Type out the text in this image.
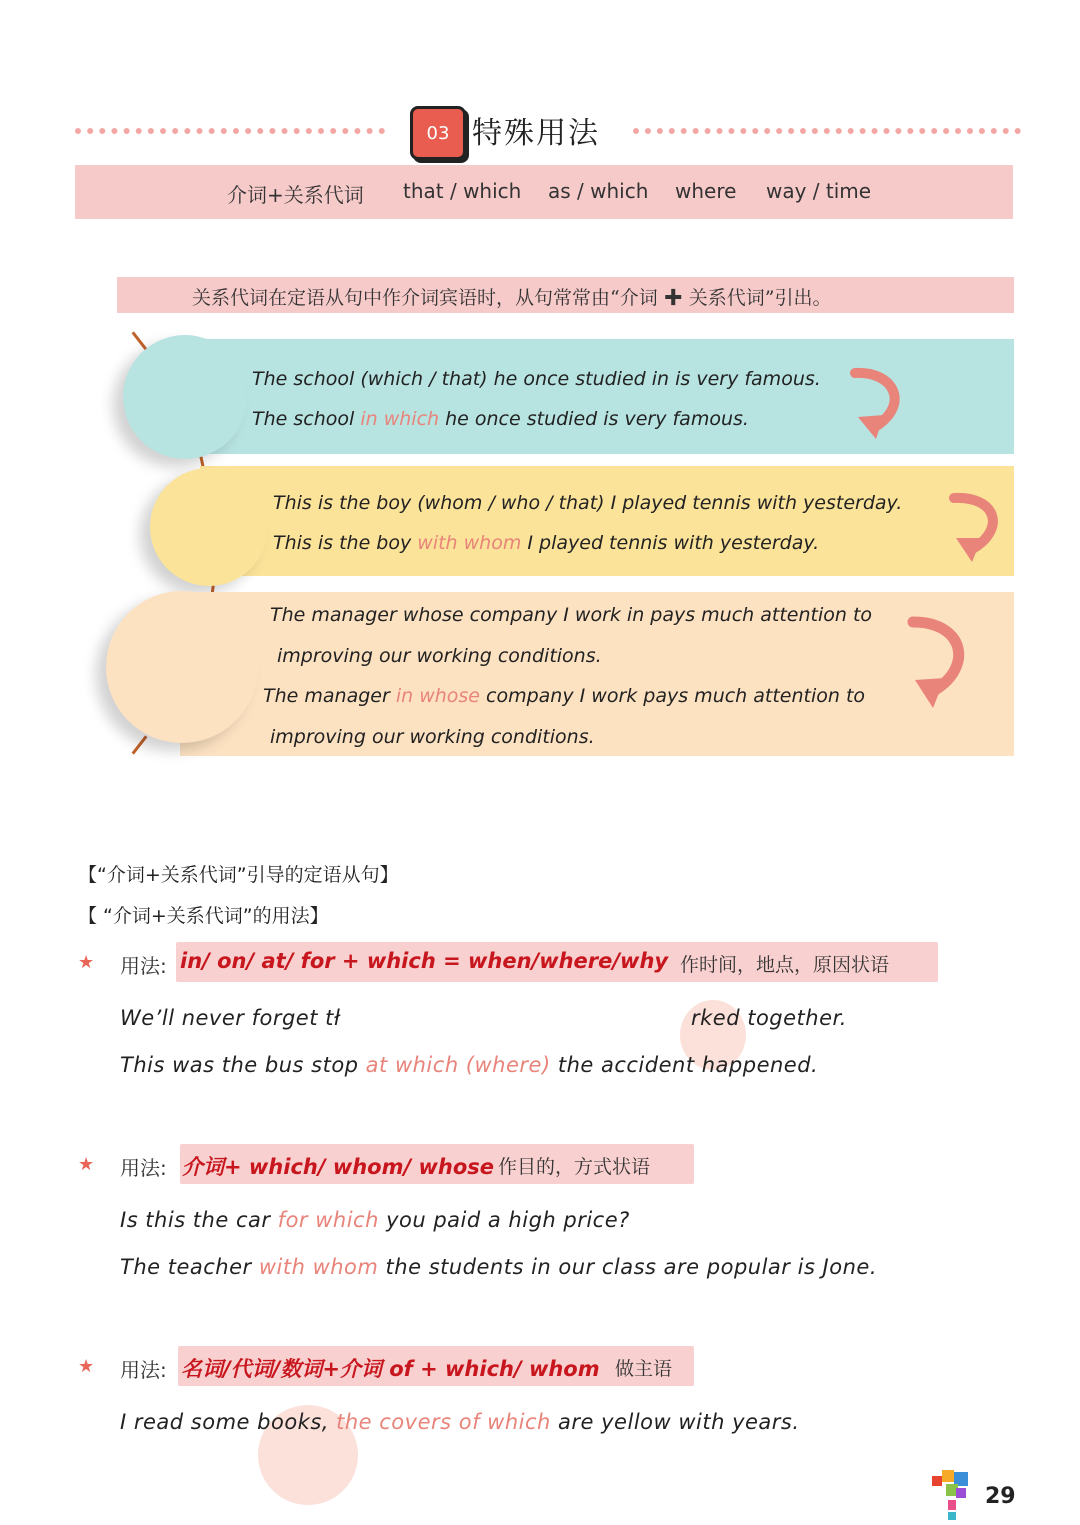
03 特殊用法
介词+关系代词 that / which as / which where way / time
关系代词在定语从句中作介词宾语时，从句常常由“介词 ✚ 关系代词”引出。
The school (which / that) he once studied in is very famous.
The school in which he once studied is very famous.
This is the boy (whom / who / that) I played tennis with yesterday.
This is the boy with whom I played tennis with yesterday.
The manager whose company I work in pays much attention to
improving our working conditions.
The manager in whose company I work pays much attention to
improving our working conditions.
【“介词+关系代词”引导的定语从句】
【 “介词+关系代词”的用法】
★ 用法: in/ on/ at/ for + which = when/where/why 作时间，地点，原因状语
We’ll never forget tł	rked together.
This was the bus stop at which (where) the accident happened.
★ 用法: 介词+ which/ whom/ whose 作目的，方式状语
Is this the car for which you paid a high price?
The teacher with whom the students in our class are popular is Jone.
★ 用法: 名词/代词/数词+介词 of + which/ whom 做主语
I read some books, the covers of which are yellow with years.
29
